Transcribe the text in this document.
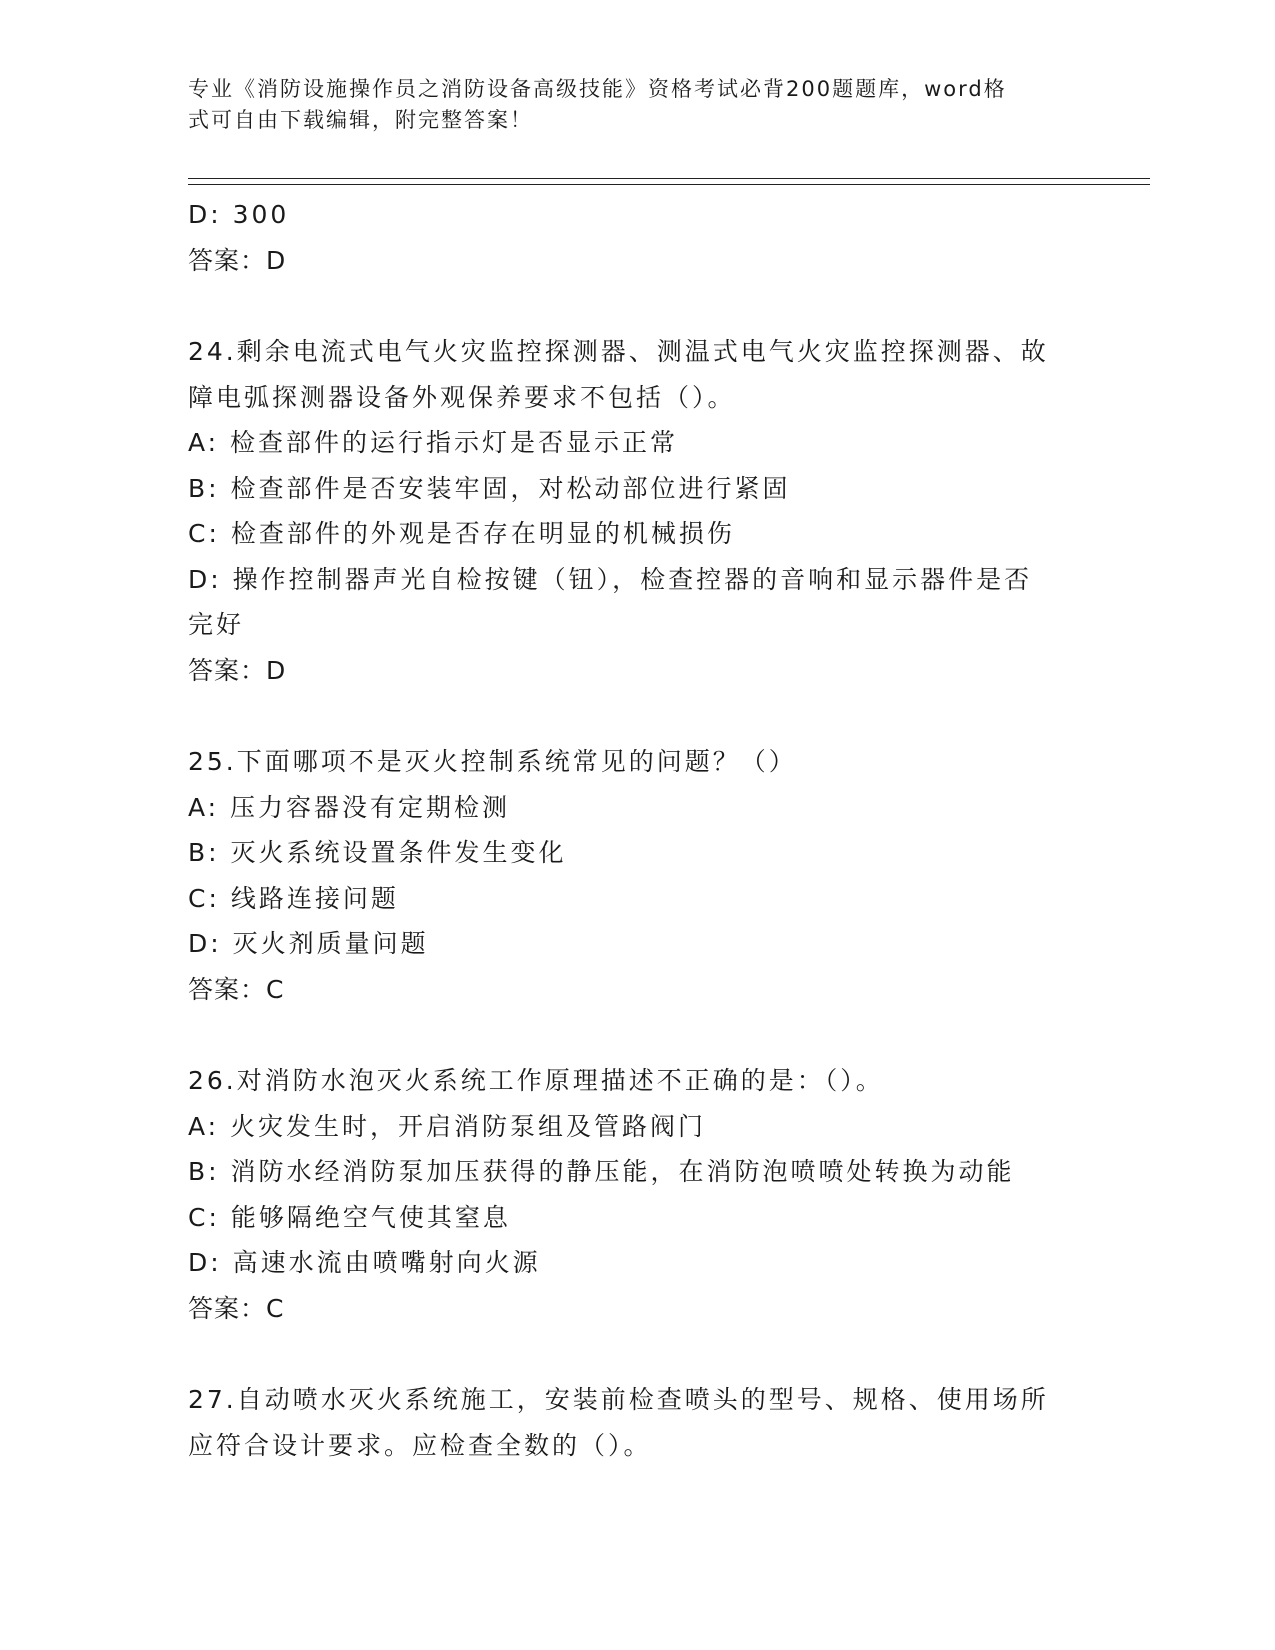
专业《消防设施操作员之消防设备高级技能》资格考试必背200题题库，word格
式可自由下载编辑，附完整答案！
D: 300
答案：D
24.剩余电流式电气火灾监控探测器、测温式电气火灾监控探测器、故
障电弧探测器设备外观保养要求不包括（）。
A: 检查部件的运行指示灯是否显示正常
B: 检查部件是否安装牢固，对松动部位进行紧固
C: 检查部件的外观是否存在明显的机械损伤
D: 操作控制器声光自检按键（钮），检查控器的音响和显示器件是否
完好
答案：D
25.下面哪项不是灭火控制系统常见的问题？（）
A: 压力容器没有定期检测
B: 灭火系统设置条件发生变化
C: 线路连接问题
D: 灭火剂质量问题
答案：C
26.对消防水泡灭火系统工作原理描述不正确的是：（）。
A: 火灾发生时，开启消防泵组及管路阀门
B: 消防水经消防泵加压获得的静压能，在消防泡喷喷处转换为动能
C: 能够隔绝空气使其窒息
D: 高速水流由喷嘴射向火源
答案：C
27.自动喷水灭火系统施工，安装前检查喷头的型号、规格、使用场所
应符合设计要求。应检查全数的（）。
